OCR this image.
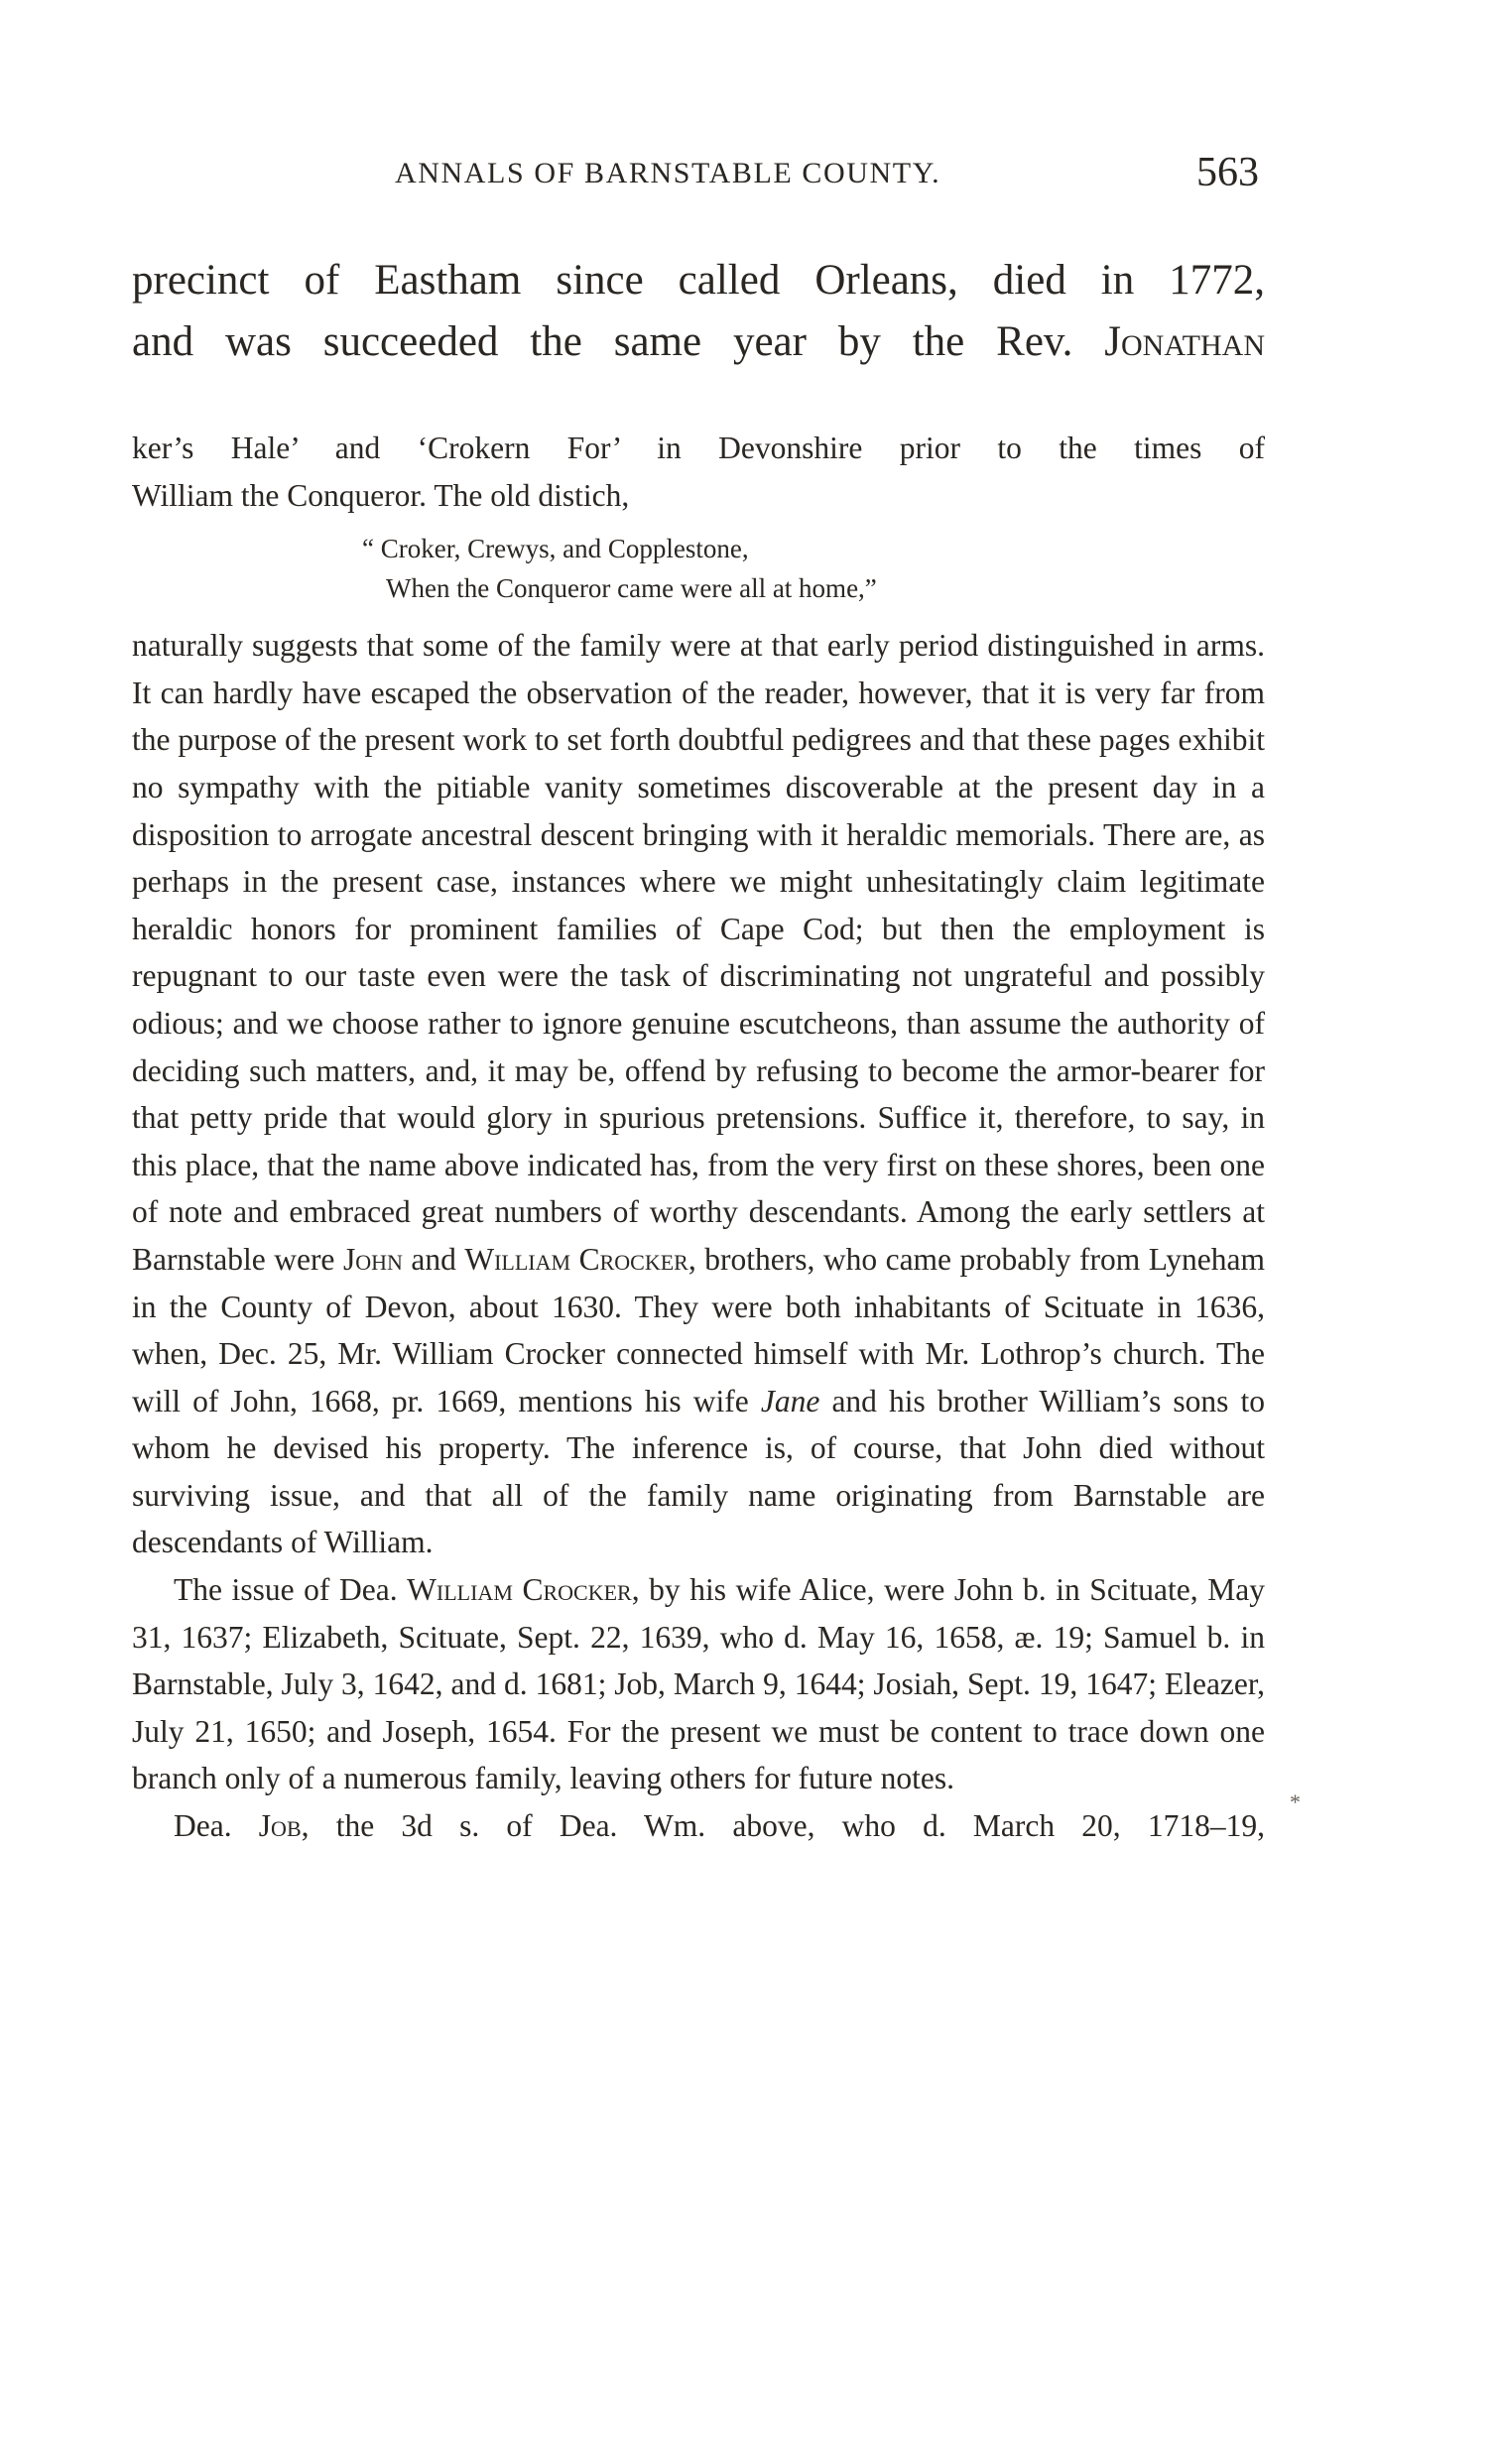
ANNALS OF BARNSTABLE COUNTY.	563

precinct of Eastham since called Orleans, died in 1772,

and was succeeded the same year by the Rev. Jonathan

ker’s Hale’ and ‘Crokern For’ in Devonshire prior to the times of

William the Conqueror. The old distich,

“ Croker, Crewys, and Copplestone,
When the Conqueror came were all at home,”

naturally suggests that some of the family were at that early period distinguished in arms. It can hardly have escaped the observation of the reader, however, that it is very far from the purpose of the present work to set forth doubtful pedigrees and that these pages exhibit no sympathy with the pitiable vanity sometimes discoverable at the present day in a disposition to arrogate ancestral descent bringing with it heraldic memorials. There are, as perhaps in the present case, instances where we might unhesitatingly claim legitimate heraldic honors for prominent families of Cape Cod; but then the employment is repugnant to our taste even were the task of discriminating not ungrateful and possibly odious; and we choose rather to ignore genuine escutcheons, than assume the authority of deciding such matters, and, it may be, offend by refusing to become the armor-bearer for that petty pride that would glory in spurious pretensions. Suffice it, therefore, to say, in this place, that the name above indicated has, from the very first on these shores, been one of note and embraced great numbers of worthy descendants. Among the early settlers at Barnstable were John and William Crocker, brothers, who came probably from Lyneham in the County of Devon, about 1630. They were both inhabitants of Scituate in 1636, when, Dec. 25, Mr. William Crocker connected himself with Mr. Lothrop’s church. The will of John, 1668, pr. 1669, mentions his wife Jane and his brother William’s sons to whom he devised his property. The inference is, of course, that John died without surviving issue, and that all of the family name originating from Barnstable are descendants of William.

The issue of Dea. William Crocker, by his wife Alice, were John b. in Scituate, May 31, 1637; Elizabeth, Scituate, Sept. 22, 1639, who d. May 16, 1658, æ. 19; Samuel b. in Barnstable, July 3, 1642, and d. 1681; Job, March 9, 1644; Josiah, Sept. 19, 1647; Eleazer, July 21, 1650; and Joseph, 1654. For the present we must be content to trace down one branch only of a numerous family, leaving others for future notes.

Dea. Job, the 3d s. of Dea. Wm. above, who d. March 20, 1718–19,

*
